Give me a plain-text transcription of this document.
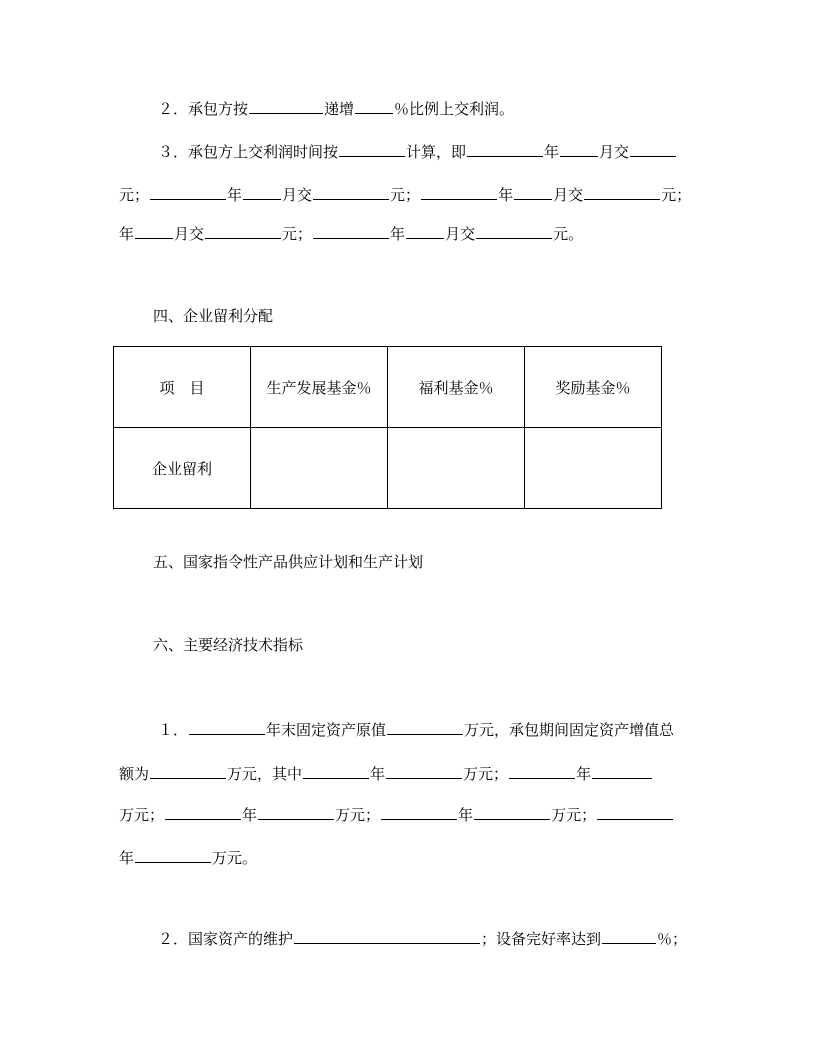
２．承包方按	递增	％比例上交利润。
３．承包方上交利润时间按	计算，即	年	月交
元；	年	月交	元；	年	月交	元；
年	月交	元；	年	月交	元。
四、企业留利分配
项　目	生产发展基金％	福利基金％	奖励基金％
企业留利			
五、国家指令性产品供应计划和生产计划
六、主要经济技术指标
１．	年末固定资产原值	万元，承包期间固定资产增值总
额为	万元，其中	年	万元；	年
万元；	年	万元；	年	万元；
年	万元。
２．国家资产的维护	；设备完好率达到	％；
